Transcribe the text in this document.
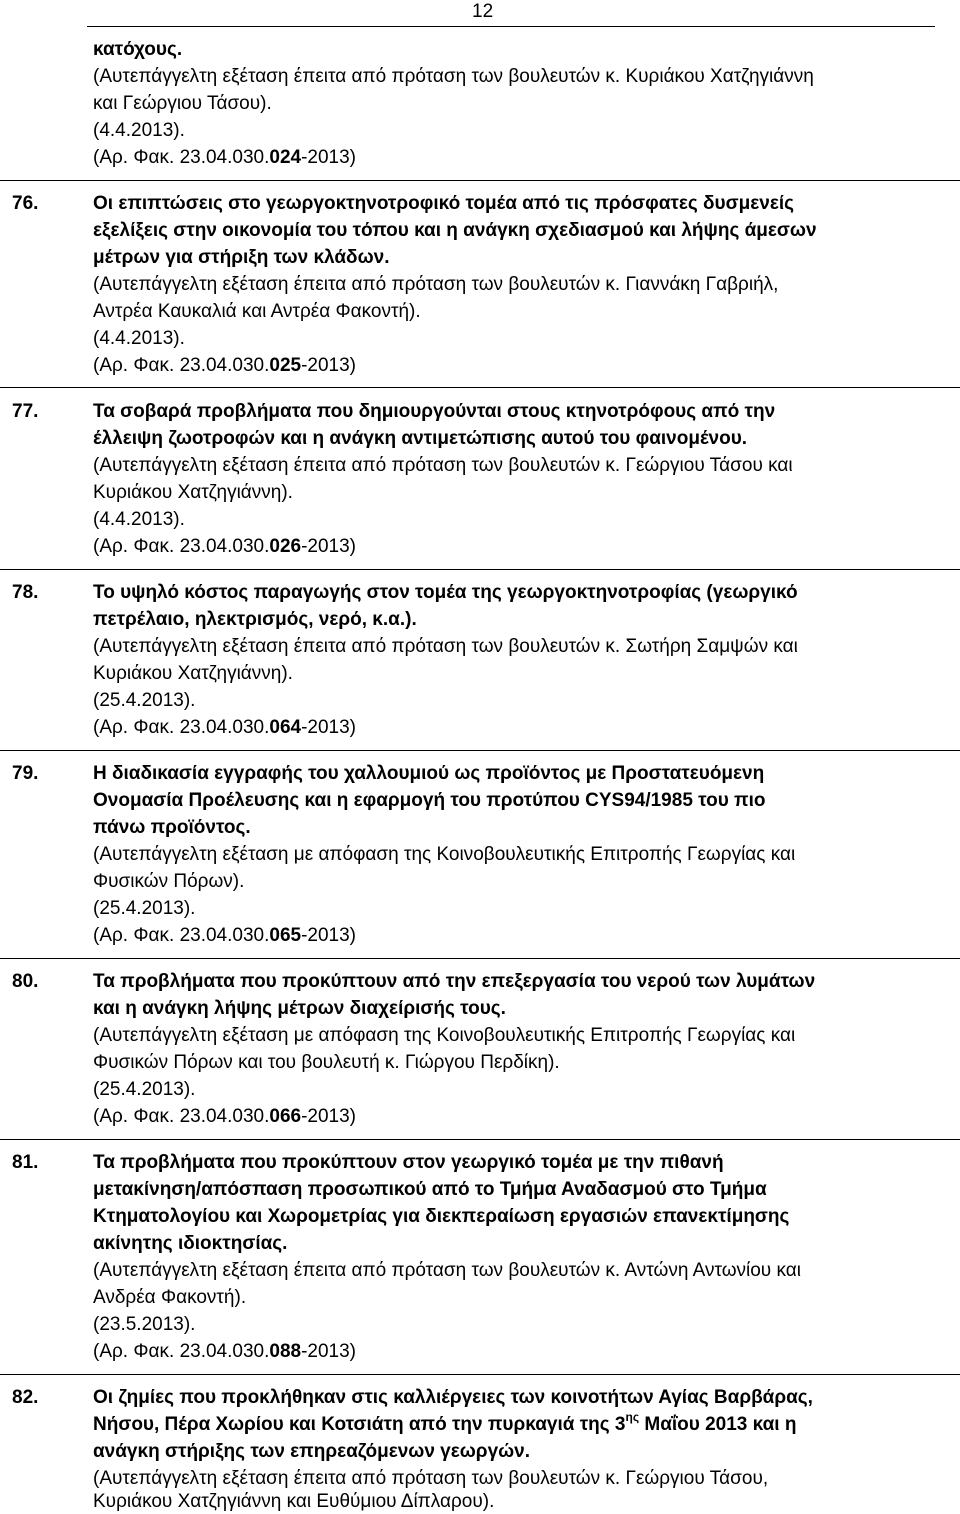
12
κατόχους.
(Αυτεπάγγελτη εξέταση έπειτα από πρόταση των βουλευτών κ. Κυριάκου Χατζηγιάννη
και Γεώργιου Τάσου).
(4.4.2013).
(Αρ. Φακ. 23.04.030.024-2013)
76.	Οι επιπτώσεις στο γεωργοκτηνοτροφικό τομέα από τις πρόσφατες δυσμενείς
εξελίξεις στην οικονομία του τόπου και η ανάγκη σχεδιασμού και λήψης άμεσων
μέτρων για στήριξη των κλάδων.
(Αυτεπάγγελτη εξέταση έπειτα από πρόταση των βουλευτών κ. Γιαννάκη Γαβριήλ,
Αντρέα Καυκαλιά και Αντρέα Φακοντή).
(4.4.2013).
(Αρ. Φακ. 23.04.030.025-2013)
77.	Τα σοβαρά προβλήματα που δημιουργούνται στους κτηνοτρόφους από την
έλλειψη ζωοτροφών και η ανάγκη αντιμετώπισης αυτού του φαινομένου.
(Αυτεπάγγελτη εξέταση έπειτα από πρόταση των βουλευτών κ. Γεώργιου Τάσου και
Κυριάκου Χατζηγιάννη).
(4.4.2013).
(Αρ. Φακ. 23.04.030.026-2013)
78.	Το υψηλό κόστος παραγωγής στον τομέα της γεωργοκτηνοτροφίας (γεωργικό
πετρέλαιο, ηλεκτρισμός, νερό, κ.α.).
(Αυτεπάγγελτη εξέταση έπειτα από πρόταση των βουλευτών κ. Σωτήρη Σαμψών και
Κυριάκου Χατζηγιάννη).
(25.4.2013).
(Αρ. Φακ. 23.04.030.064-2013)
79.	Η διαδικασία εγγραφής του χαλλουμιού ως προϊόντος με Προστατευόμενη
Ονομασία Προέλευσης και η εφαρμογή του προτύπου CYS94/1985 του πιο
πάνω προϊόντος.
(Αυτεπάγγελτη εξέταση με απόφαση της Κοινοβουλευτικής Επιτροπής Γεωργίας και
Φυσικών Πόρων).
(25.4.2013).
(Αρ. Φακ. 23.04.030.065-2013)
80.	Τα προβλήματα που προκύπτουν από την επεξεργασία του νερού των λυμάτων
και η ανάγκη λήψης μέτρων διαχείρισής τους.
(Αυτεπάγγελτη εξέταση με απόφαση της Κοινοβουλευτικής Επιτροπής Γεωργίας και
Φυσικών Πόρων και του βουλευτή κ. Γιώργου Περδίκη).
(25.4.2013).
(Αρ. Φακ. 23.04.030.066-2013)
81.	Τα προβλήματα που προκύπτουν στον γεωργικό τομέα με την πιθανή
μετακίνηση/απόσπαση προσωπικού από το Τμήμα Αναδασμού στο Τμήμα
Κτηματολογίου και Χωρομετρίας για διεκπεραίωση εργασιών επανεκτίμησης
ακίνητης ιδιοκτησίας.
(Αυτεπάγγελτη εξέταση έπειτα από πρόταση των βουλευτών κ. Αντώνη Αντωνίου και
Ανδρέα Φακοντή).
(23.5.2013).
(Αρ. Φακ. 23.04.030.088-2013)
82.	Οι ζημίες που προκλήθηκαν στις καλλιέργειες των κοινοτήτων Αγίας Βαρβάρας,
Νήσου, Πέρα Χωρίου και Κοτσιάτη από την πυρκαγιά της $3^{\eta\varsigma}$ Μαΐου 2013 και η
ανάγκη στήριξης των επηρεαζόμενων γεωργών.
(Αυτεπάγγελτη εξέταση έπειτα από πρόταση των βουλευτών κ. Γεώργιου Τάσου,
Κυριάκου Χατζηγιάννη και Ευθύμιου Δίπλαρου).
